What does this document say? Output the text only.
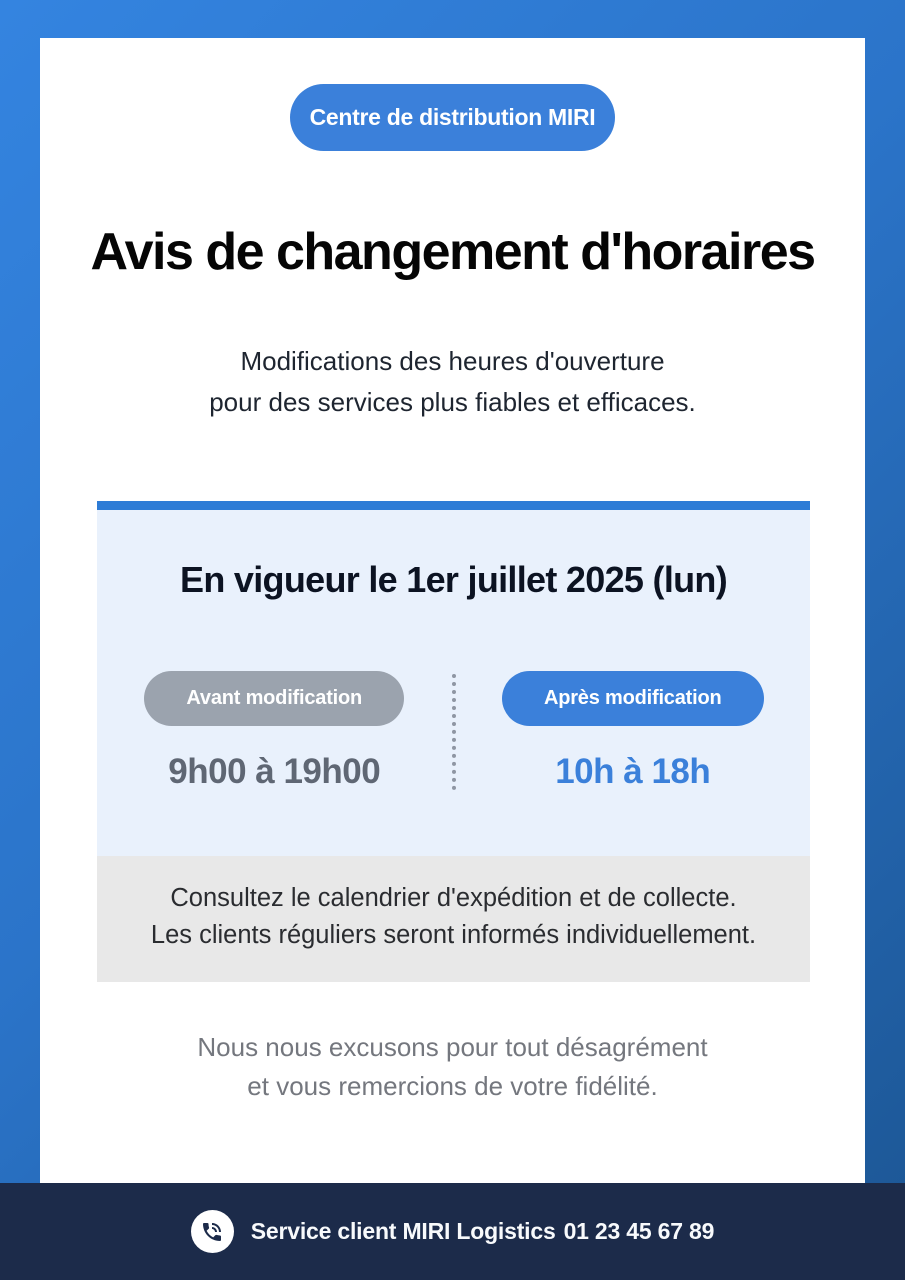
Centre de distribution MIRI
Avis de changement d'horaires

Modifications des heures d'ouverture
pour des services plus fiables et efficaces.

En vigueur le 1er juillet 2025 (lun)
Avant modification
9h00 à 19h00
Après modification
10h à 18h
Consultez le calendrier d'expédition et de collecte.
Les clients réguliers seront informés individuellement.

Nous nous excusons pour tout désagrément
et vous remercions de votre fidélité.

Service client MIRI Logistics 01 23 45 67 89
